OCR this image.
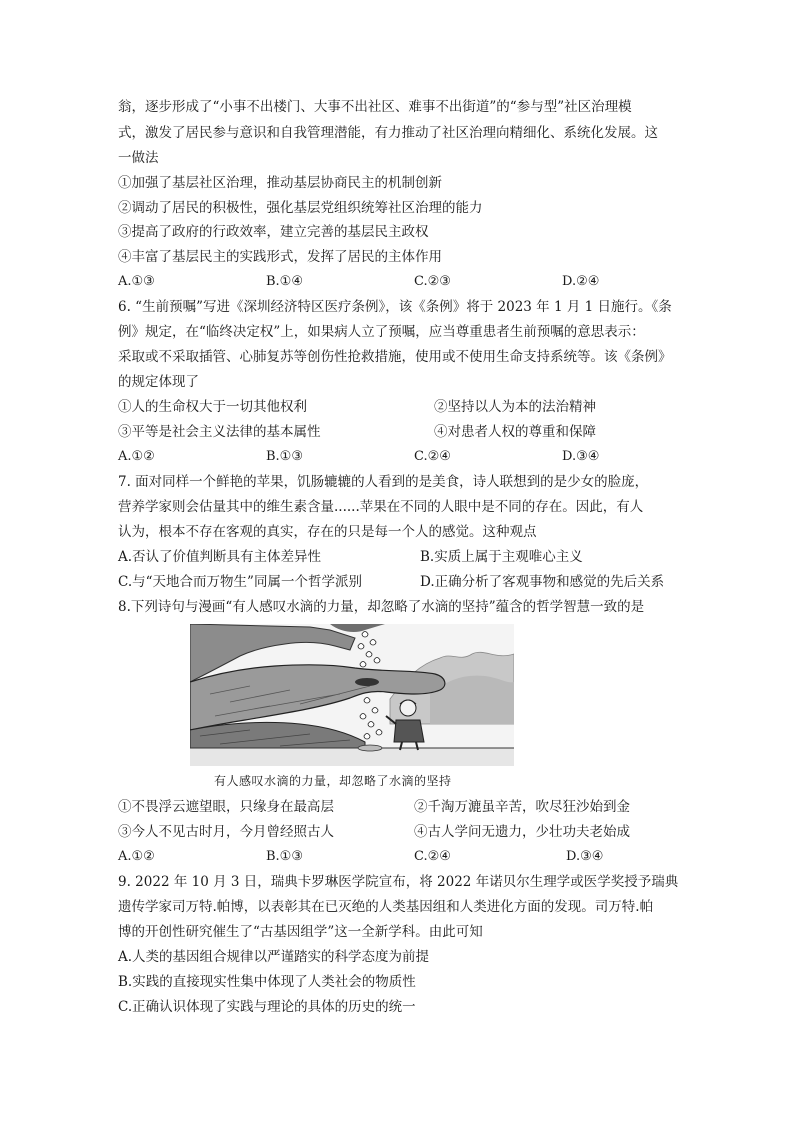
翁，逐步形成了“小事不出楼门、大事不出社区、难事不出街道”的“参与型”社区治理模
式，激发了居民参与意识和自我管理潜能，有力推动了社区治理向精细化、系统化发展。这
一做法
①加强了基层社区治理，推动基层协商民主的机制创新
②调动了居民的积极性，强化基层党组织统筹社区治理的能力
③提高了政府的行政效率，建立完善的基层民主政权
④丰富了基层民主的实践形式，发挥了居民的主体作用
A.①③	B.①④	C.②③	D.②④
6. “生前预嘱”写进《深圳经济特区医疗条例》，该《条例》将于 2023 年 1 月 1 日施行。《条
例》规定，在“临终决定权”上，如果病人立了预嘱，应当尊重患者生前预嘱的意思表示：
采取或不采取插管、心肺复苏等创伤性抢救措施，使用或不使用生命支持系统等。该《条例》
的规定体现了
①人的生命权大于一切其他权利	②坚持以人为本的法治精神
③平等是社会主义法律的基本属性	④对患者人权的尊重和保障
A.①②	B.①③	C.②④	D.③④
7. 面对同样一个鲜艳的苹果，饥肠辘辘的人看到的是美食，诗人联想到的是少女的脸庞，
营养学家则会估量其中的维生素含量......苹果在不同的人眼中是不同的存在。因此，有人
认为，根本不存在客观的真实，存在的只是每一个人的感觉。这种观点
A.否认了价值判断具有主体差异性	B.实质上属于主观唯心主义
C.与“天地合而万物生”同属一个哲学派别	D.正确分析了客观事物和感觉的先后关系
8.下列诗句与漫画“有人感叹水滴的力量，却忽略了水滴的坚持”蕴含的哲学智慧一致的是
有人感叹水滴的力量，却忽略了水滴的坚持
①不畏浮云遮望眼，只缘身在最高层	②千淘万漉虽辛苦，吹尽狂沙始到金
③今人不见古时月，今月曾经照古人	④古人学问无遗力，少壮功夫老始成
A.①②	B.①③	C.②④	D.③④
9. 2022 年 10 月 3 日，瑞典卡罗琳医学院宣布，将 2022 年诺贝尔生理学或医学奖授予瑞典
遗传学家司万特.帕博，以表彰其在已灭绝的人类基因组和人类进化方面的发现。司万特.帕
博的开创性研究催生了“古基因组学”这一全新学科。由此可知
A.人类的基因组合规律以严谨踏实的科学态度为前提
B.实践的直接现实性集中体现了人类社会的物质性
C.正确认识体现了实践与理论的具体的历史的统一
